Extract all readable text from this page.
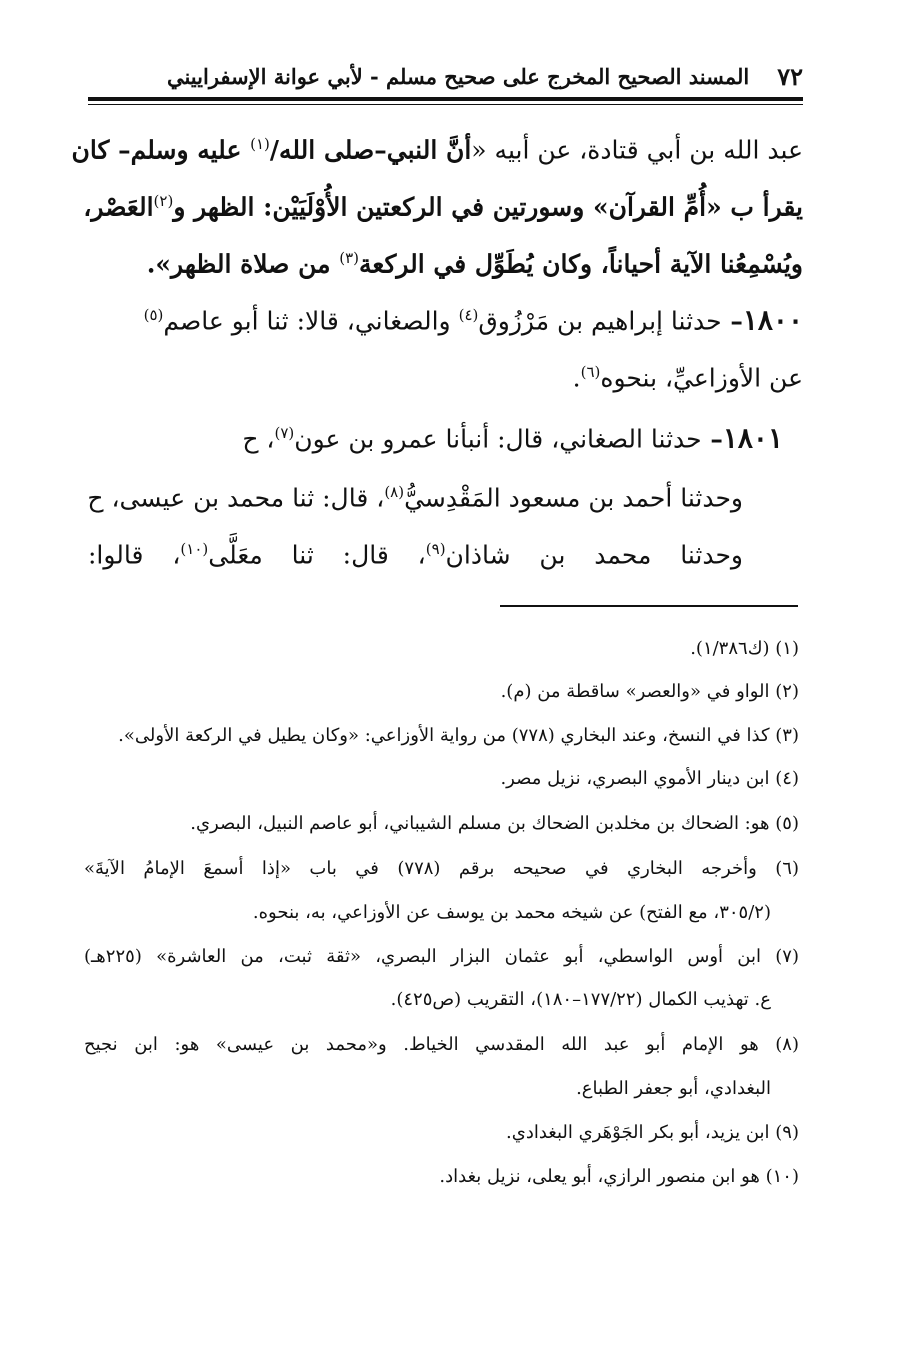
٧٢
المسند الصحيح المخرج على صحيح مسلم - لأبي عوانة الإسفراييني
عبد الله بن أبي قتادة، عن أبيه «أنَّ النبي–صلى الله/$^{(١)}$ عليه وسلم– كان
يقرأ ب «أُمِّ القرآن» وسورتين في الركعتين الأُوْلَيَيْن: الظهر و$^{(٢)}$العَصْر،
ويُسْمِعُنا الآية أحياناً، وكان يُطَوِّل في الركعة$^{(٣)}$ من صلاة الظهر».
١٨٠٠– حدثنا إبراهيم بن مَرْزُوق$^{(٤)}$ والصغاني، قالا: ثنا أبو عاصم$^{(٥)}$
عن الأوزاعيِّ، بنحوه$^{(٦)}$.
١٨٠١– حدثنا الصغاني، قال: أنبأنا عمرو بن عون$^{(٧)}$، ح
وحدثنا أحمد بن مسعود المَقْدِسيُّ$^{(٨)}$، قال: ثنا محمد بن عيسى، ح
وحدثنا محمد بن شاذان$^{(٩)}$، قال: ثنا معَلَّى$^{(١٠)}$، قالوا:
(١) (ك١/٣٨٦).
(٢) الواو في «والعصر» ساقطة من (م).
(٣) كذا في النسخ، وعند البخاري (٧٧٨) من رواية الأوزاعي: «وكان يطيل في الركعة الأولى».
(٤) ابن دينار الأموي البصري، نزيل مصر.
(٥) هو: الضحاك بن مخلدبن الضحاك بن مسلم الشيباني، أبو عاصم النبيل، البصري.
(٦) وأخرجه البخاري في صحيحه برقم (٧٧٨) في باب «إذا أسمعَ الإمامُ الآيةَ»
(٣٠٥/٢، مع الفتح) عن شيخه محمد بن يوسف عن الأوزاعي، به، بنحوه.
(٧) ابن أوس الواسطي، أبو عثمان البزار البصري، «ثقة ثبت، من العاشرة» (٢٢٥هـ)
ع. تهذيب الكمال (١٧٧/٢٢–١٨٠)، التقريب (ص٤٢٥).
(٨) هو الإمام أبو عبد الله المقدسي الخياط. و«محمد بن عيسى» هو: ابن نجيح
البغدادي، أبو جعفر الطباع.
(٩) ابن يزيد، أبو بكر الجَوْهَري البغدادي.
(١٠) هو ابن منصور الرازي، أبو يعلى، نزيل بغداد.
